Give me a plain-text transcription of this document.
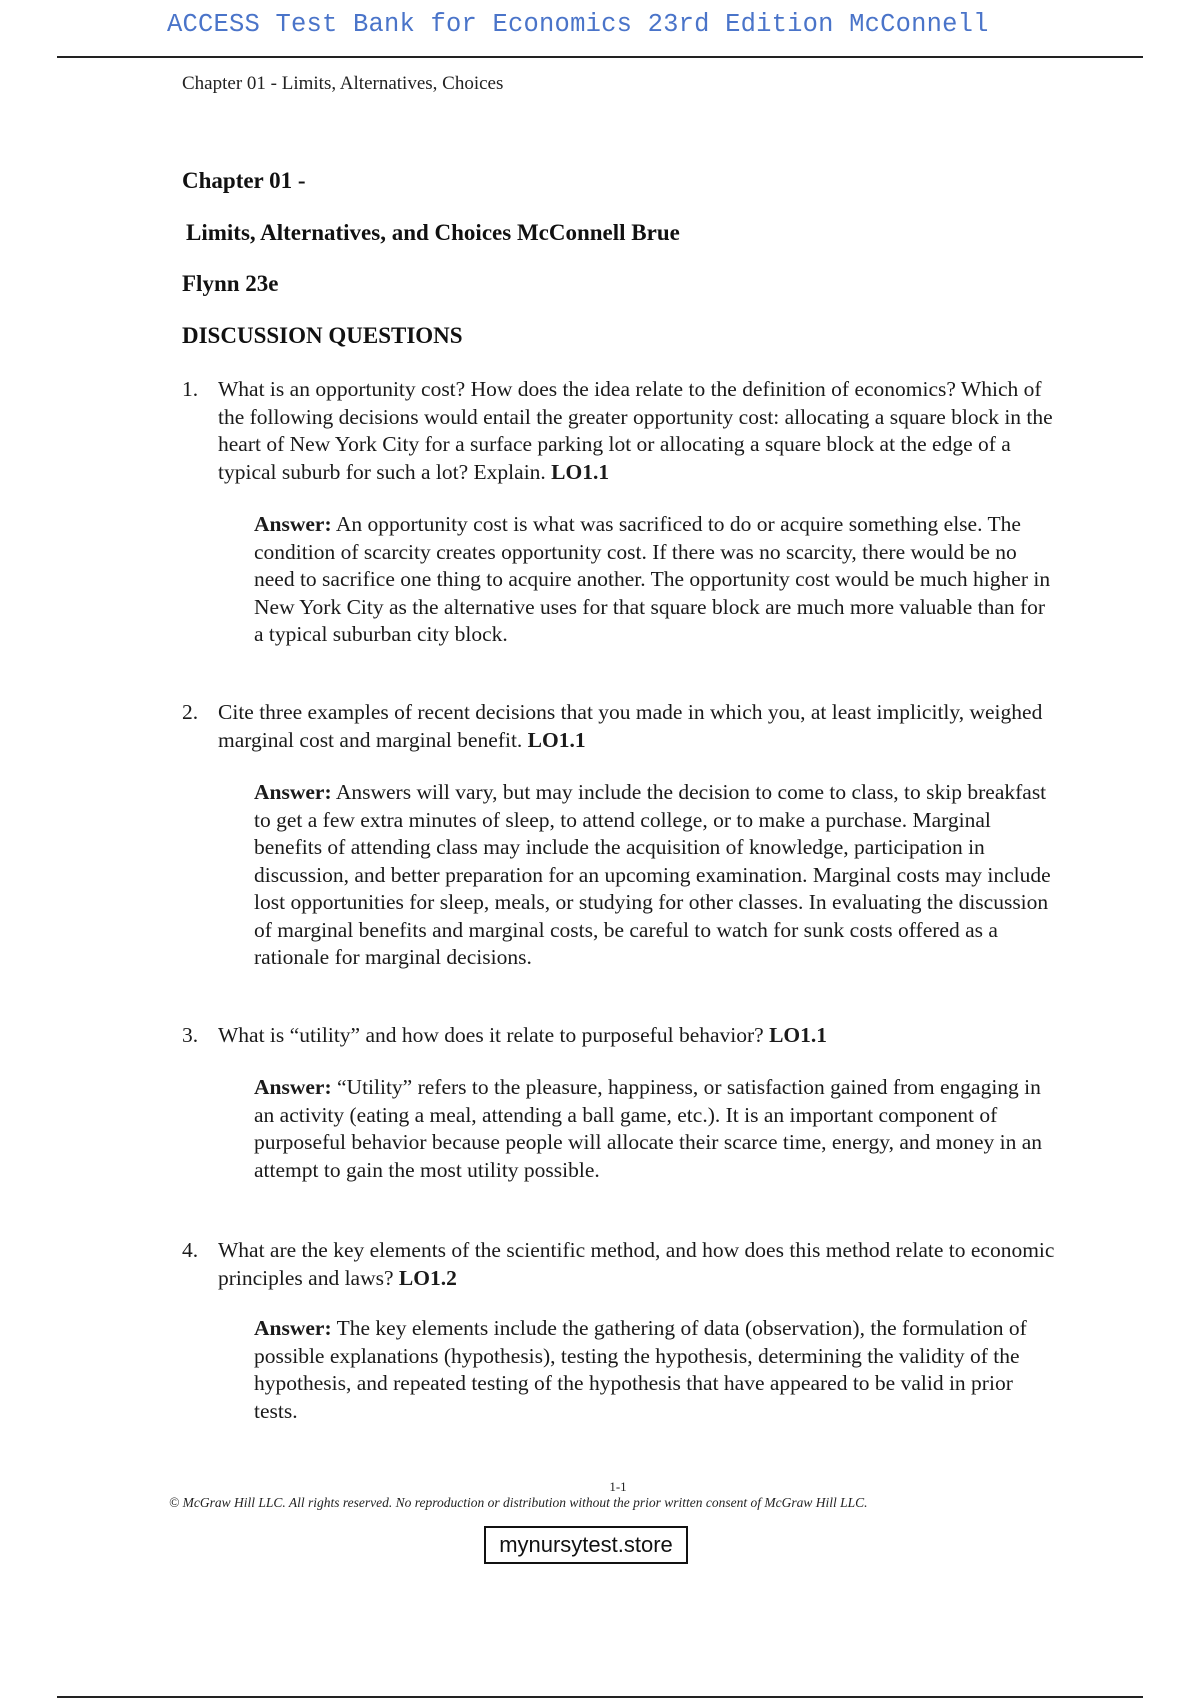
ACCESS Test Bank for Economics 23rd Edition McConnell
Chapter 01 - Limits, Alternatives, Choices
Chapter 01 -
Limits, Alternatives, and Choices McConnell Brue
Flynn 23e
DISCUSSION QUESTIONS
1. What is an opportunity cost? How does the idea relate to the definition of economics? Which of the following decisions would entail the greater opportunity cost: allocating a square block in the heart of New York City for a surface parking lot or allocating a square block at the edge of a typical suburb for such a lot? Explain. LO1.1
Answer: An opportunity cost is what was sacrificed to do or acquire something else. The condition of scarcity creates opportunity cost. If there was no scarcity, there would be no need to sacrifice one thing to acquire another. The opportunity cost would be much higher in New York City as the alternative uses for that square block are much more valuable than for a typical suburban city block.
2. Cite three examples of recent decisions that you made in which you, at least implicitly, weighed marginal cost and marginal benefit. LO1.1
Answer: Answers will vary, but may include the decision to come to class, to skip breakfast to get a few extra minutes of sleep, to attend college, or to make a purchase. Marginal benefits of attending class may include the acquisition of knowledge, participation in discussion, and better preparation for an upcoming examination. Marginal costs may include lost opportunities for sleep, meals, or studying for other classes. In evaluating the discussion of marginal benefits and marginal costs, be careful to watch for sunk costs offered as a rationale for marginal decisions.
3. What is “utility” and how does it relate to purposeful behavior? LO1.1
Answer: “Utility” refers to the pleasure, happiness, or satisfaction gained from engaging in an activity (eating a meal, attending a ball game, etc.). It is an important component of purposeful behavior because people will allocate their scarce time, energy, and money in an attempt to gain the most utility possible.
4. What are the key elements of the scientific method, and how does this method relate to economic principles and laws? LO1.2
Answer: The key elements include the gathering of data (observation), the formulation of possible explanations (hypothesis), testing the hypothesis, determining the validity of the hypothesis, and repeated testing of the hypothesis that have appeared to be valid in prior tests.
1-1
© McGraw Hill LLC. All rights reserved. No reproduction or distribution without the prior written consent of McGraw Hill LLC.
mynursytest.store
